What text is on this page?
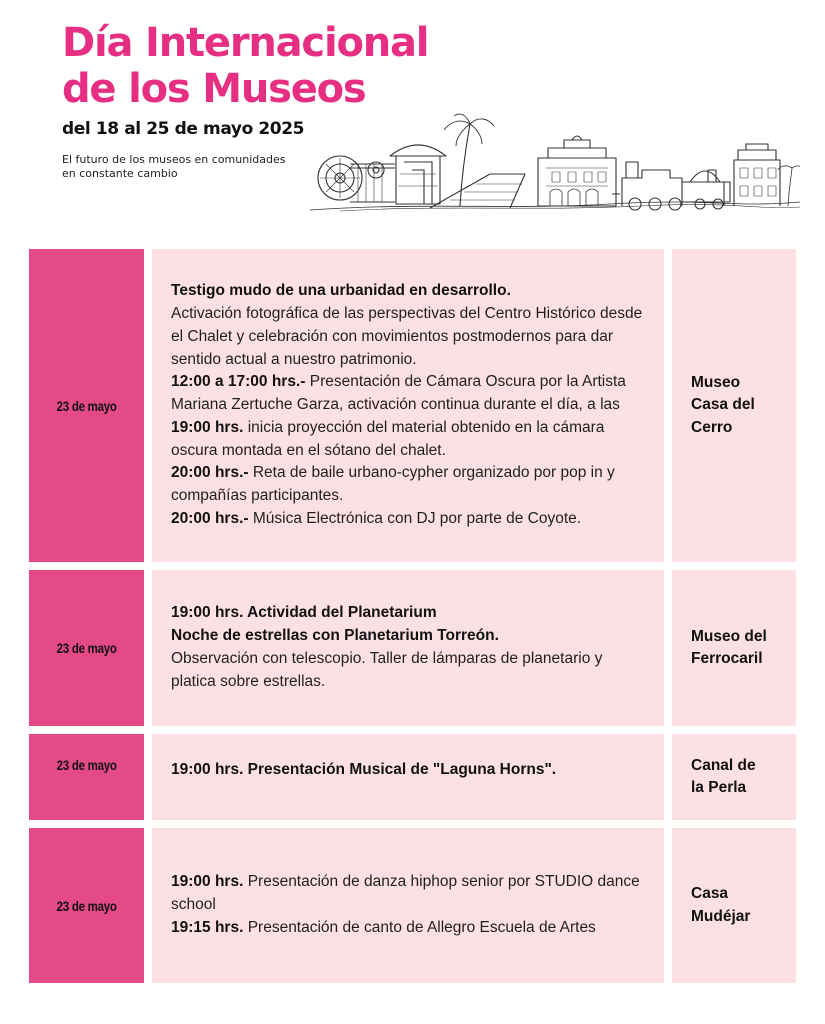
Día Internacional
de los Museos
del 18 al 25 de mayo 2025
El futuro de los museos en comunidades
en constante cambio
23 de mayo

Testigo mudo de una urbanidad en desarrollo.

Activación fotográfica de las perspectivas del Centro Histórico desde el Chalet y celebración con movimientos postmodernos para dar sentido actual a nuestro patrimonio.

12:00 a 17:00 hrs.- Presentación de Cámara Oscura por la Artista Mariana Zertuche Garza, activación continua durante el día, a las 19:00 hrs. inicia proyección del material obtenido en la cámara oscura montada en el sótano del chalet.

20:00 hrs.- Reta de baile urbano-cypher organizado por pop in y compañías participantes.

20:00 hrs.- Música Electrónica con DJ por parte de Coyote.

Museo
Casa del
Cerro
23 de mayo

19:00 hrs. Actividad del Planetarium

Noche de estrellas con Planetarium Torreón.

Observación con telescopio. Taller de lámparas de planetario y platica sobre estrellas.

Museo del
Ferrocaril
23 de mayo	19:00 hrs. Presentación Musical de "Laguna Horns".	Canal de
la Perla
23 de mayo

19:00 hrs. Presentación de danza hiphop senior por STUDIO dance school

19:15 hrs. Presentación de canto de Allegro Escuela de Artes

Casa
Mudéjar
